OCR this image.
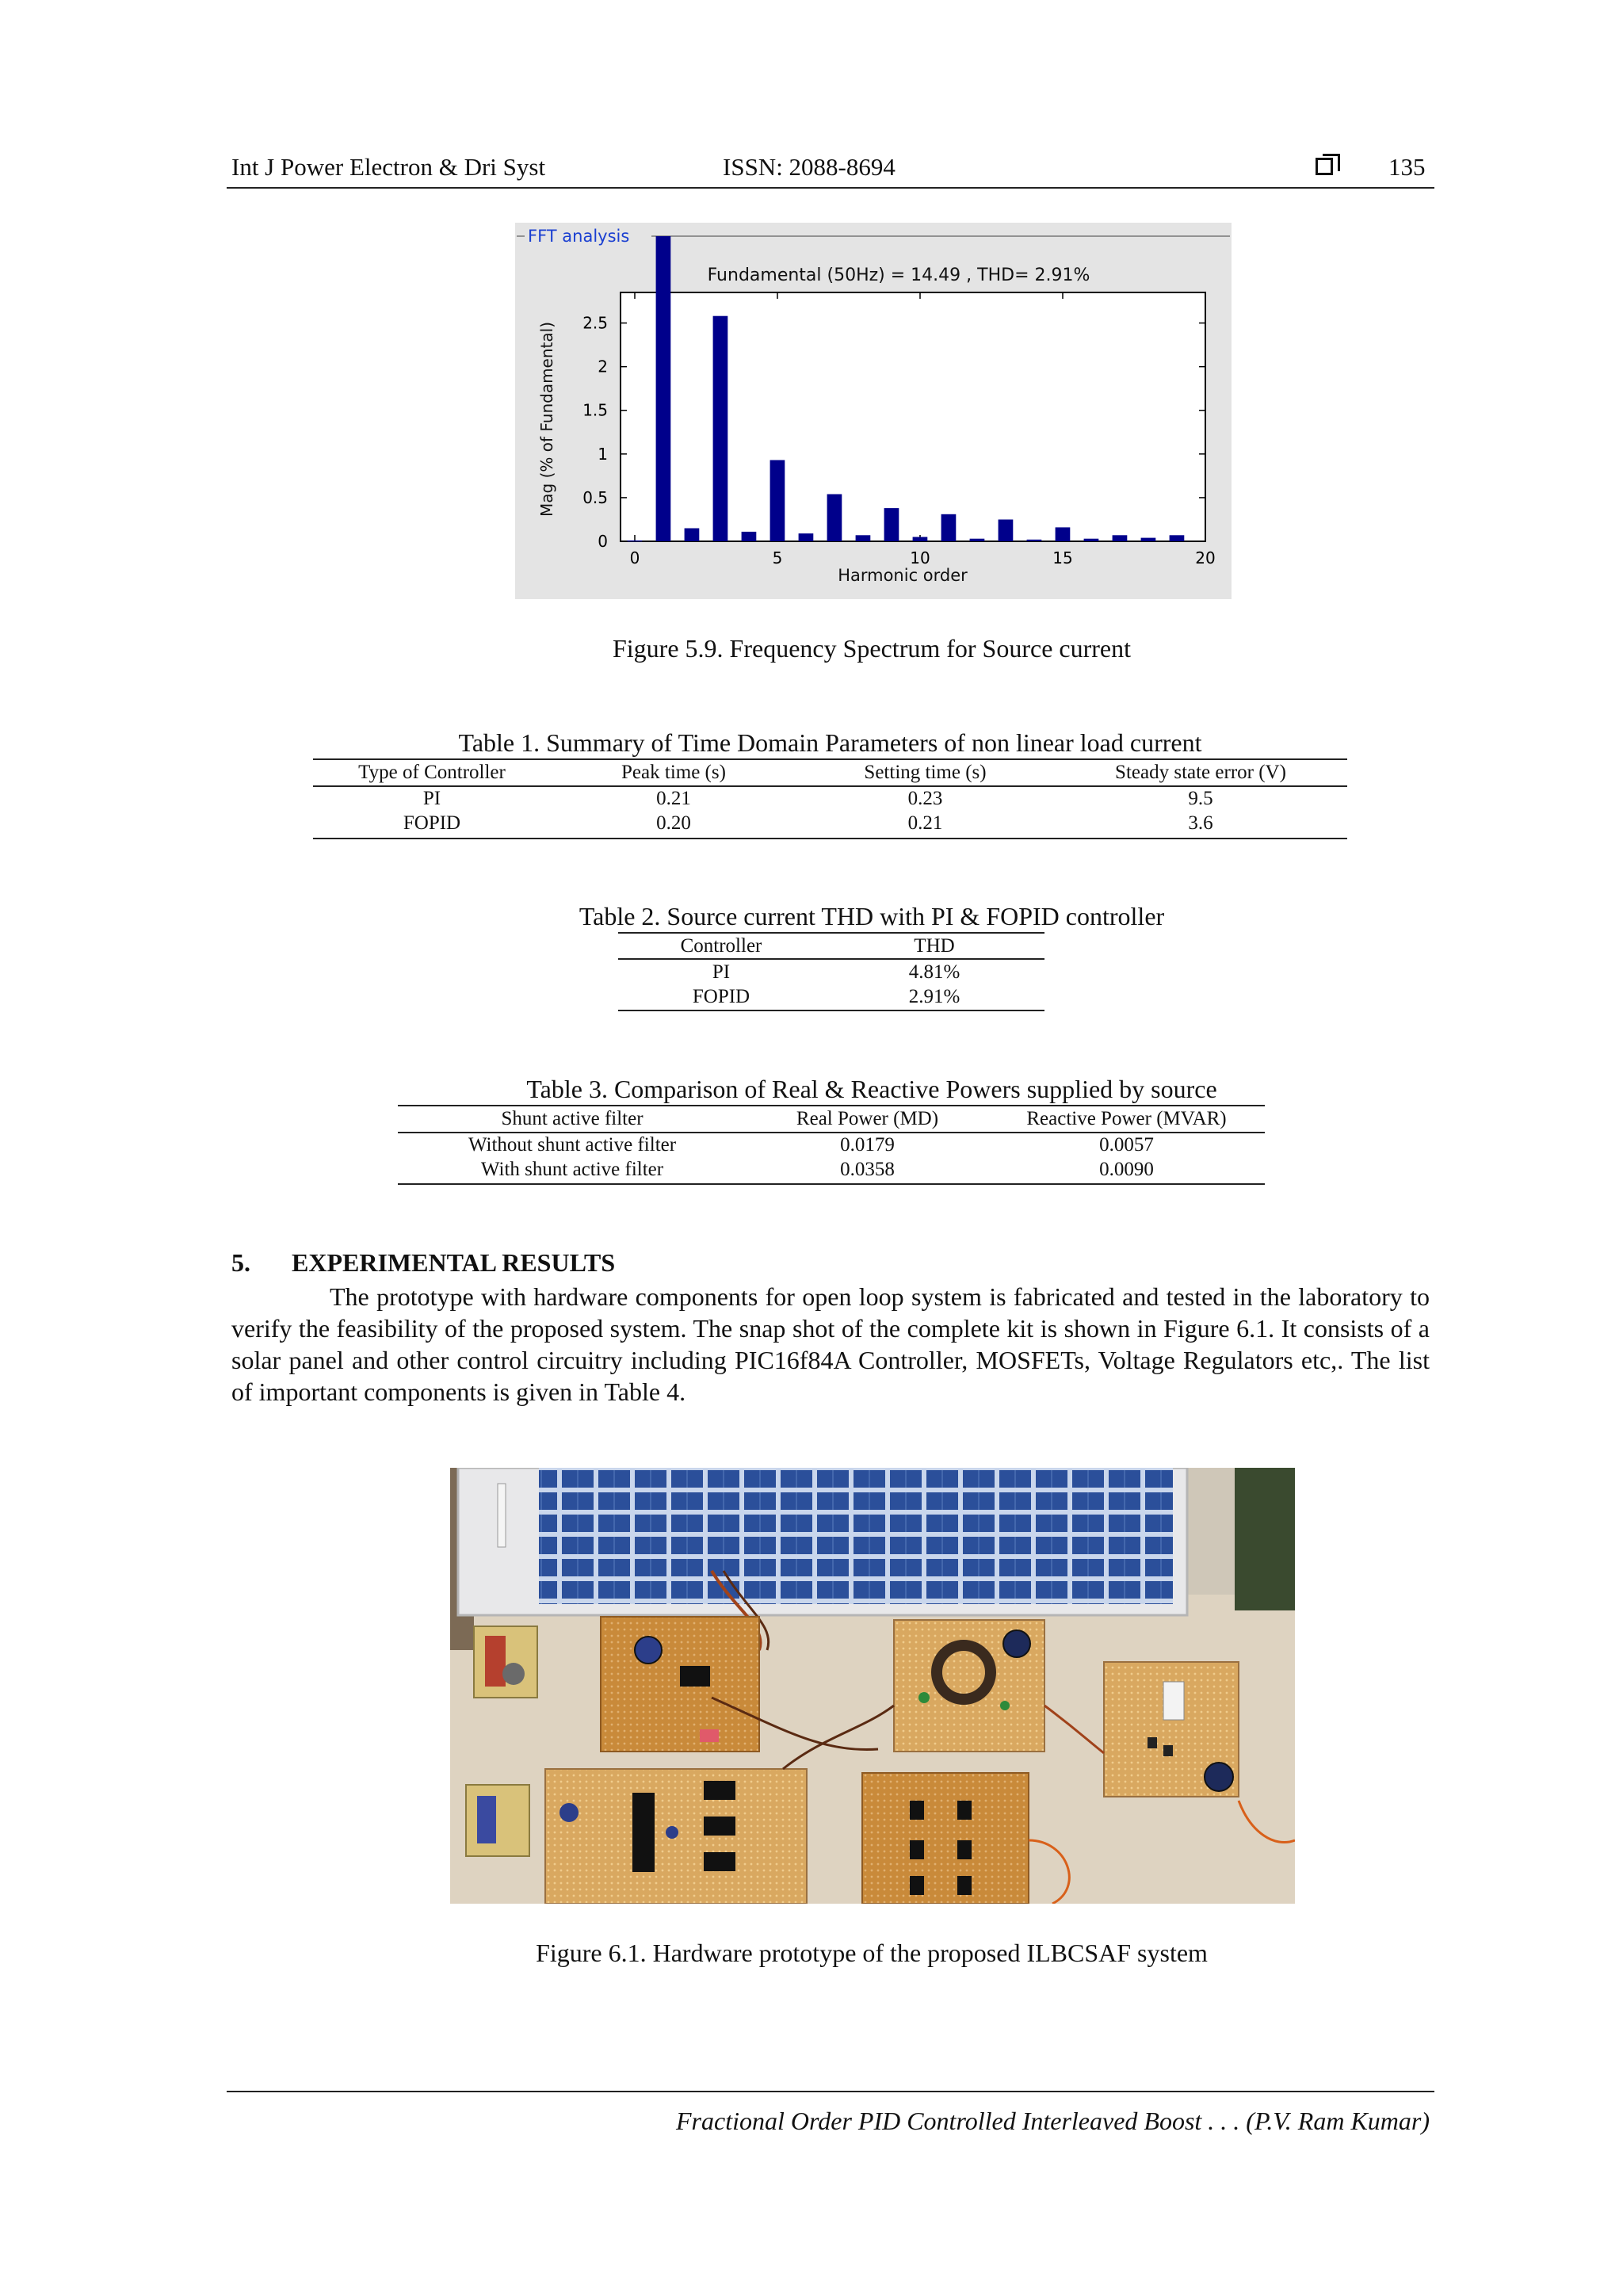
Int J Power Electron & Dri Syst	ISSN: 2088-8694	135
FFT analysis
Fundamental (50Hz) = 14.49 , THD= 2.91%
Harmonic order
Mag (% of Fundamental)
0	5	10	15	20
0
0.5
1
1.5
2
2.5
Figure 5.9. Frequency Spectrum for Source current
Table 1. Summary of Time Domain Parameters of non linear load current
Type of Controller	Peak time (s)	Setting time (s)	Steady state error (V)

PI	0.21	0.23	9.5
FOPID	0.20	0.21	3.6
Table 2. Source current THD with PI & FOPID controller
Controller	THD

PI	4.81%
FOPID	2.91%
Table 3. Comparison of Real & Reactive Powers supplied by source
Shunt active filter	Real Power (MD)	Reactive Power (MVAR)

Without shunt active filter	0.0179	0.0057
With shunt active filter	0.0358	0.0090
5. EXPERIMENTAL RESULTS
The prototype with hardware components for open loop system is fabricated and tested in the laboratory to verify the feasibility of the proposed system. The snap shot of the complete kit is shown in Figure 6.1. It consists of a solar panel and other control circuitry including PIC16f84A Controller, MOSFETs, Voltage Regulators etc,. The list of important components is given in Table 4.
Figure 6.1. Hardware prototype of the proposed ILBCSAF system
Fractional Order PID Controlled Interleaved Boost . . . (P.V. Ram Kumar)
